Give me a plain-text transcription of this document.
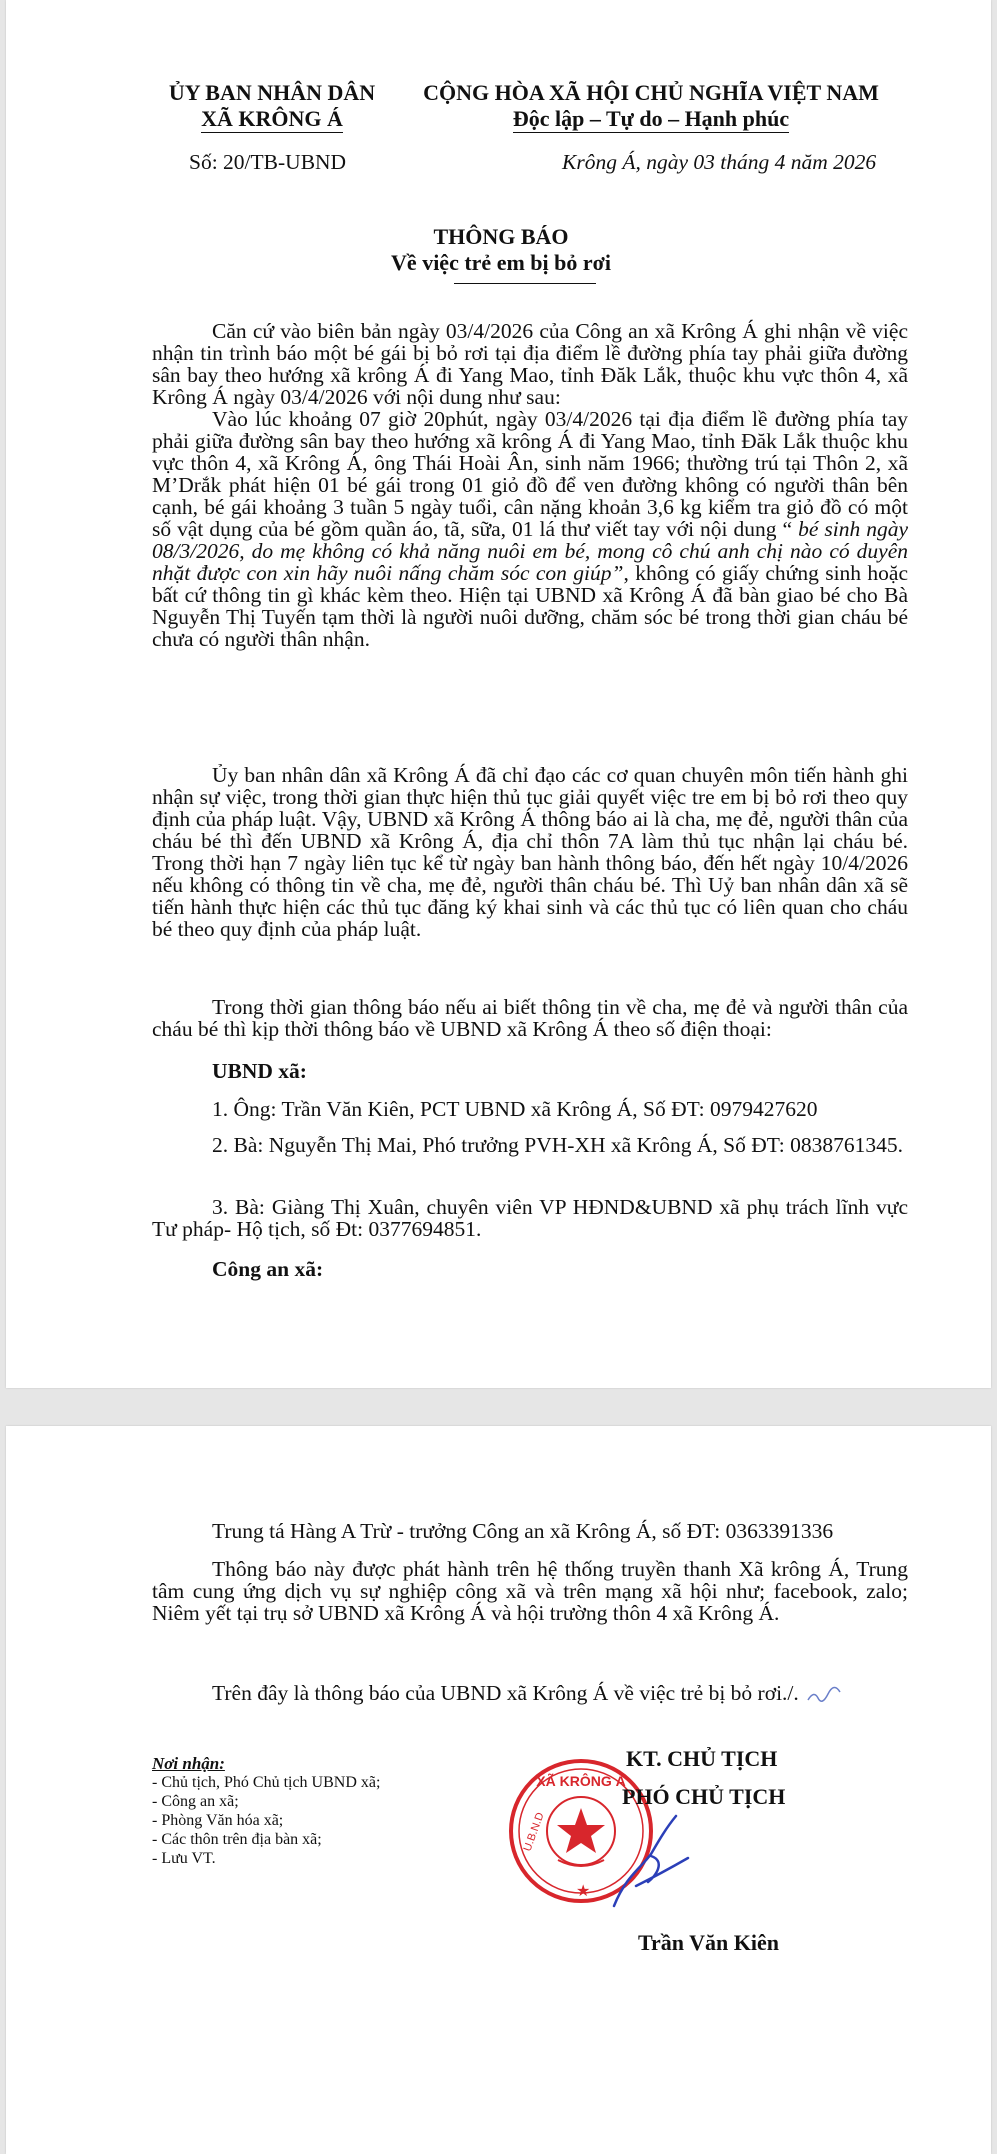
ỦY BAN NHÂN DÂN
XÃ KRÔNG Á
CỘNG HÒA XÃ HỘI CHỦ NGHĨA VIỆT NAM
Độc lập – Tự do – Hạnh phúc
Số: 20/TB-UBND	Krông Á, ngày 03 tháng 4 năm 2026
THÔNG BÁO
Về việc trẻ em bị bỏ rơi
Căn cứ vào biên bản ngày 03/4/2026 của Công an xã Krông Á ghi nhận về việc nhận tin trình báo một bé gái bị bỏ rơi tại địa điểm lề đường phía tay phải giữa đường sân bay theo hướng xã krông Á đi Yang Mao, tỉnh Đăk Lắk, thuộc khu vực thôn 4, xã Krông Á ngày 03/4/2026 với nội dung như sau:
Vào lúc khoảng 07 giờ 20phút, ngày 03/4/2026 tại địa điểm lề đường phía tay phải giữa đường sân bay theo hướng xã krông Á đi Yang Mao, tỉnh Đăk Lắk thuộc khu vực thôn 4, xã Krông Á, ông Thái Hoài Ân, sinh năm 1966; thường trú tại Thôn 2, xã M’Drắk phát hiện 01 bé gái trong 01 giỏ đồ để ven đường không có người thân bên cạnh, bé gái khoảng 3 tuần 5 ngày tuổi, cân nặng khoản 3,6 kg kiểm tra giỏ đồ có một số vật dụng của bé gồm quần áo, tã, sữa, 01 lá thư viết tay với nội dung “ bé sinh ngày 08/3/2026, do mẹ không có khả năng nuôi em bé, mong cô chú anh chị nào có duyên nhặt được con xin hãy nuôi nấng chăm sóc con giúp”, không có giấy chứng sinh hoặc bất cứ thông tin gì khác kèm theo. Hiện tại UBND xã Krông Á đã bàn giao bé cho Bà Nguyễn Thị Tuyến tạm thời là người nuôi dưỡng, chăm sóc bé trong thời gian cháu bé chưa có người thân nhận.
Ủy ban nhân dân xã Krông Á đã chỉ đạo các cơ quan chuyên môn tiến hành ghi nhận sự việc, trong thời gian thực hiện thủ tục giải quyết việc tre em bị bỏ rơi theo quy định của pháp luật. Vậy, UBND xã Krông Á thông báo ai là cha, mẹ đẻ, người thân của cháu bé thì đến UBND xã Krông Á, địa chỉ thôn 7A làm thủ tục nhận lại cháu bé. Trong thời hạn 7 ngày liên tục kể từ ngày ban hành thông báo, đến hết ngày 10/4/2026 nếu không có thông tin về cha, mẹ đẻ, người thân cháu bé. Thì Uỷ ban nhân dân xã sẽ tiến hành thực hiện các thủ tục đăng ký khai sinh và các thủ tục có liên quan cho cháu bé theo quy định của pháp luật.
Trong thời gian thông báo nếu ai biết thông tin về cha, mẹ đẻ và người thân của cháu bé thì kịp thời thông báo về UBND xã Krông Á theo số điện thoại:
UBND xã:
1. Ông: Trần Văn Kiên, PCT UBND xã Krông Á, Số ĐT: 0979427620
2. Bà: Nguyễn Thị Mai, Phó trưởng PVH-XH xã Krông Á, Số ĐT: 0838761345.
3. Bà: Giàng Thị Xuân, chuyên viên VP HĐND&UBND xã phụ trách lĩnh vực Tư pháp- Hộ tịch, số Đt: 0377694851.
Công an xã:
Trung tá Hàng A Trừ - trưởng Công an xã Krông Á, số ĐT: 0363391336
Thông báo này được phát hành trên hệ thống truyền thanh Xã krông Á, Trung tâm cung ứng dịch vụ sự nghiệp công xã và trên mạng xã hội như; facebook, zalo; Niêm yết tại trụ sở UBND xã Krông Á và hội trường thôn 4 xã Krông Á.
Trên đây là thông báo của UBND xã Krông Á về việc trẻ bị bỏ rơi./.
Nơi nhận:
- Chủ tịch, Phó Chủ tịch UBND xã;
- Công an xã;
- Phòng Văn hóa xã;
- Các thôn trên địa bàn xã;
- Lưu VT.
XÃ KRÔNG Á
U.B.N.D
★
KT. CHỦ TỊCH
PHÓ CHỦ TỊCH
Trần Văn Kiên
